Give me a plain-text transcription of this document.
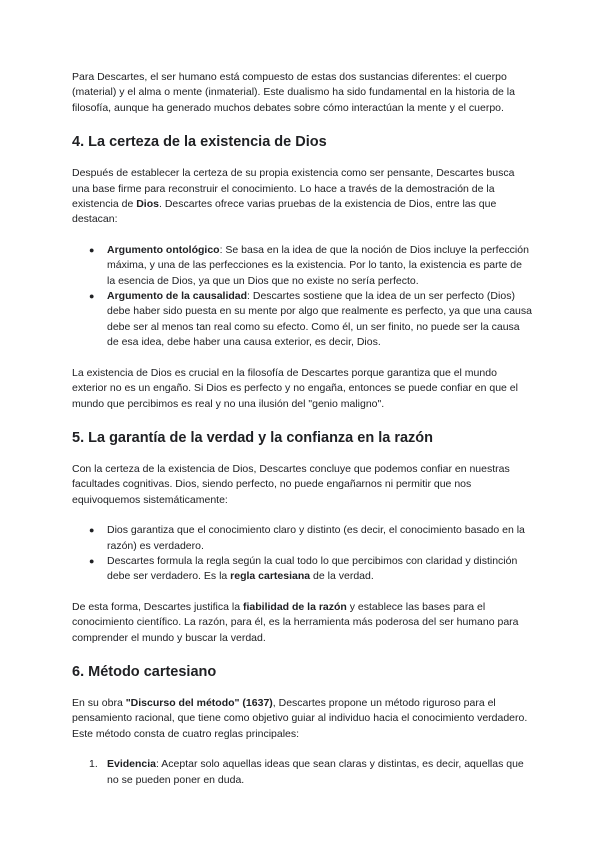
Para Descartes, el ser humano está compuesto de estas dos sustancias diferentes: el cuerpo (material) y el alma o mente (inmaterial). Este dualismo ha sido fundamental en la historia de la filosofía, aunque ha generado muchos debates sobre cómo interactúan la mente y el cuerpo.

4. La certeza de la existencia de Dios

Después de establecer la certeza de su propia existencia como ser pensante, Descartes busca una base firme para reconstruir el conocimiento. Lo hace a través de la demostración de la existencia de Dios. Descartes ofrece varias pruebas de la existencia de Dios, entre las que destacan:

● Argumento ontológico: Se basa en la idea de que la noción de Dios incluye la perfección máxima, y una de las perfecciones es la existencia. Por lo tanto, la existencia es parte de la esencia de Dios, ya que un Dios que no existe no sería perfecto.
● Argumento de la causalidad: Descartes sostiene que la idea de un ser perfecto (Dios) debe haber sido puesta en su mente por algo que realmente es perfecto, ya que una causa debe ser al menos tan real como su efecto. Como él, un ser finito, no puede ser la causa de esa idea, debe haber una causa exterior, es decir, Dios.

La existencia de Dios es crucial en la filosofía de Descartes porque garantiza que el mundo exterior no es un engaño. Si Dios es perfecto y no engaña, entonces se puede confiar en que el mundo que percibimos es real y no una ilusión del "genio maligno".

5. La garantía de la verdad y la confianza en la razón

Con la certeza de la existencia de Dios, Descartes concluye que podemos confiar en nuestras facultades cognitivas. Dios, siendo perfecto, no puede engañarnos ni permitir que nos equivoquemos sistemáticamente:

● Dios garantiza que el conocimiento claro y distinto (es decir, el conocimiento basado en la razón) es verdadero.
● Descartes formula la regla según la cual todo lo que percibimos con claridad y distinción debe ser verdadero. Es la regla cartesiana de la verdad.

De esta forma, Descartes justifica la fiabilidad de la razón y establece las bases para el conocimiento científico. La razón, para él, es la herramienta más poderosa del ser humano para comprender el mundo y buscar la verdad.

6. Método cartesiano

En su obra "Discurso del método" (1637), Descartes propone un método riguroso para el pensamiento racional, que tiene como objetivo guiar al individuo hacia el conocimiento verdadero. Este método consta de cuatro reglas principales:

1. Evidencia: Aceptar solo aquellas ideas que sean claras y distintas, es decir, aquellas que no se pueden poner en duda.
